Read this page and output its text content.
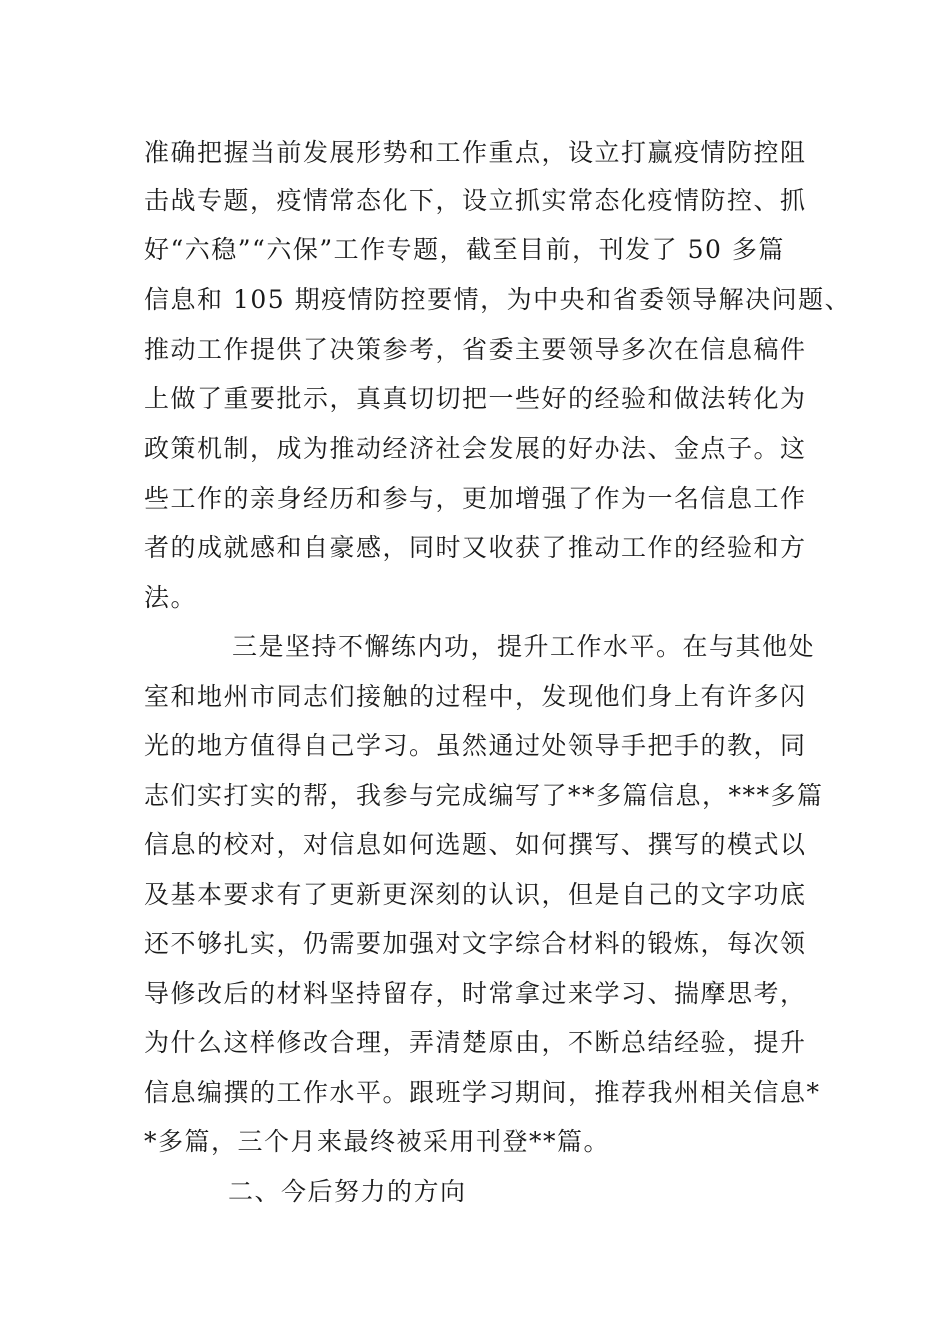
准确把握当前发展形势和工作重点，设立打赢疫情防控阻
击战专题，疫情常态化下，设立抓实常态化疫情防控、抓
好“六稳”“六保”工作专题，截至目前，刊发了 50 多篇
信息和 105 期疫情防控要情，为中央和省委领导解决问题、
推动工作提供了决策参考，省委主要领导多次在信息稿件
上做了重要批示，真真切切把一些好的经验和做法转化为
政策机制，成为推动经济社会发展的好办法、金点子。这
些工作的亲身经历和参与，更加增强了作为一名信息工作
者的成就感和自豪感，同时又收获了推动工作的经验和方
法。
三是坚持不懈练内功，提升工作水平。在与其他处
室和地州市同志们接触的过程中，发现他们身上有许多闪
光的地方值得自己学习。虽然通过处领导手把手的教，同
志们实打实的帮，我参与完成编写了**多篇信息，***多篇
信息的校对，对信息如何选题、如何撰写、撰写的模式以
及基本要求有了更新更深刻的认识，但是自己的文字功底
还不够扎实，仍需要加强对文字综合材料的锻炼，每次领
导修改后的材料坚持留存，时常拿过来学习、揣摩思考，
为什么这样修改合理，弄清楚原由，不断总结经验，提升
信息编撰的工作水平。跟班学习期间，推荐我州相关信息*
*多篇，三个月来最终被采用刊登**篇。
二、今后努力的方向
